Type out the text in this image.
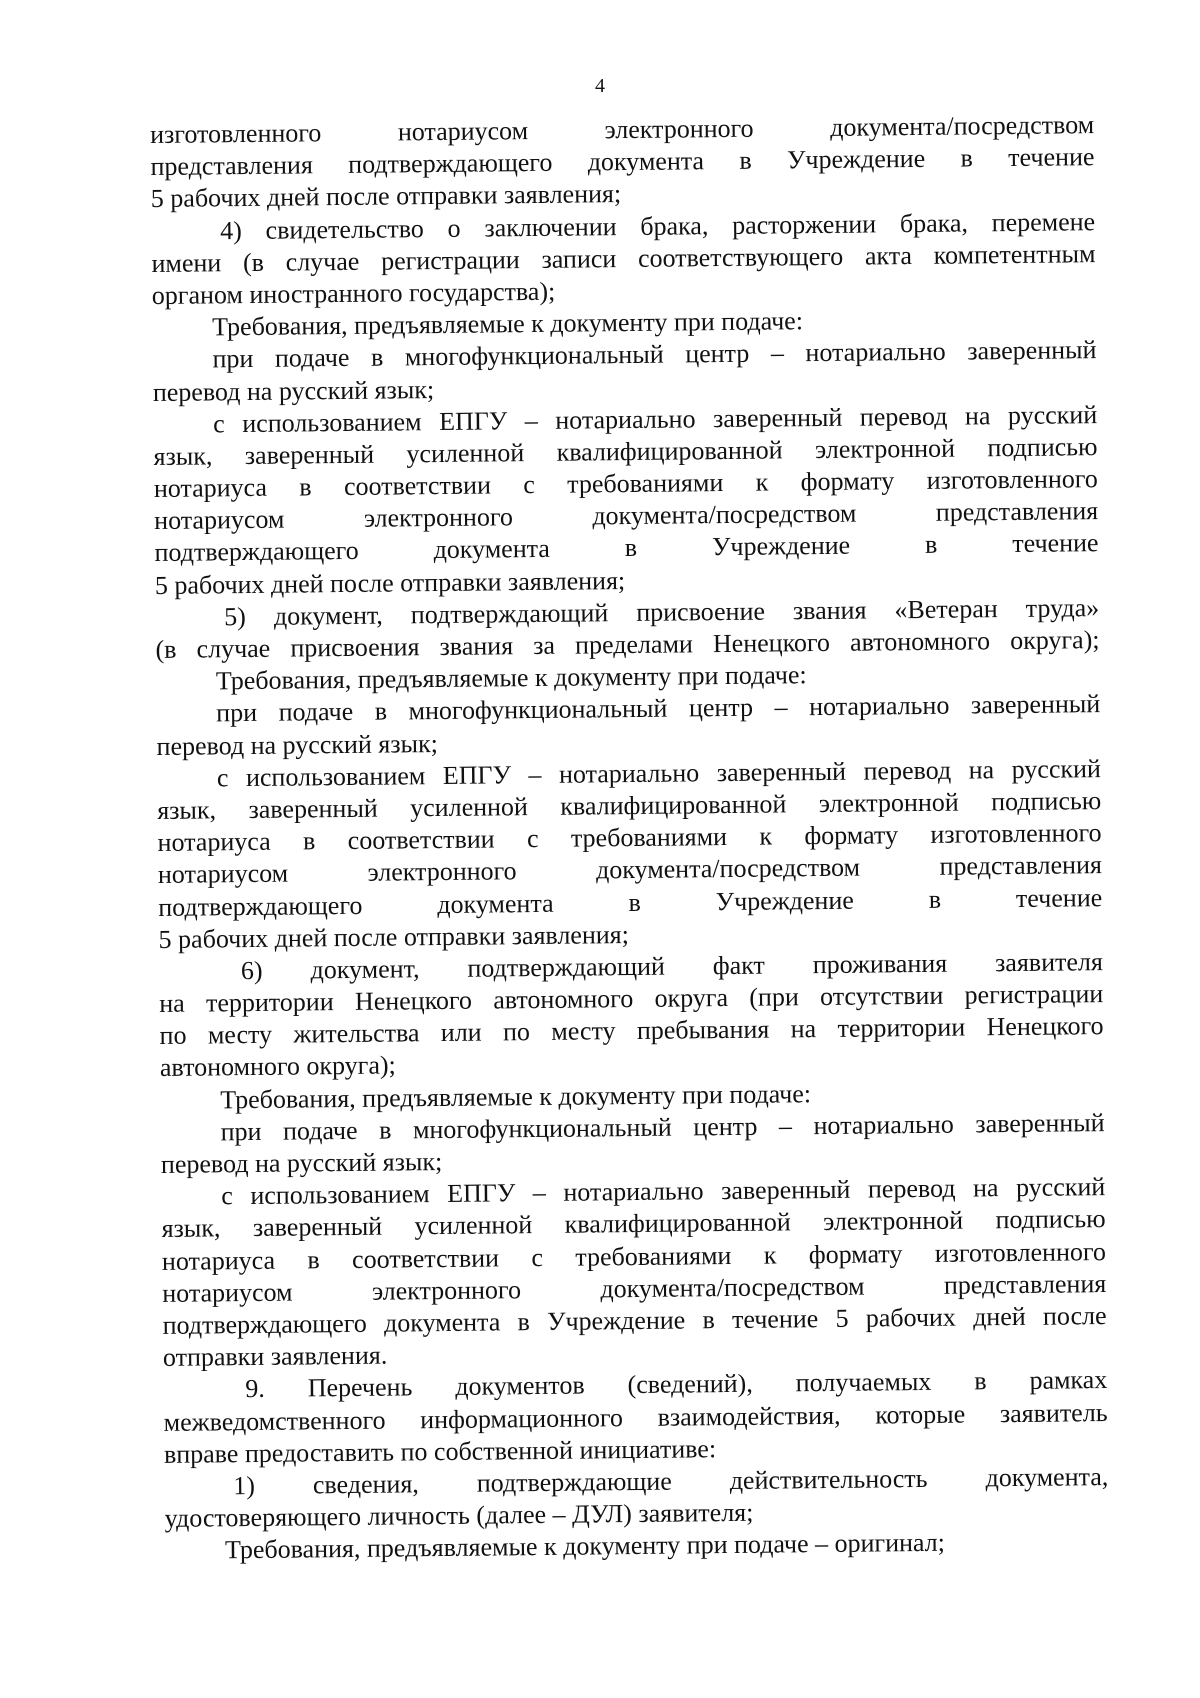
4
изготовленного нотариусом электронного документа/посредством
представления подтверждающего документа в Учреждение в течение
5 рабочих дней после отправки заявления;
4) свидетельство о заключении брака, расторжении брака, перемене
имени (в случае регистрации записи соответствующего акта компетентным
органом иностранного государства);
Требования, предъявляемые к документу при подаче:
при подаче в многофункциональный центр – нотариально заверенный
перевод на русский язык;
с использованием ЕПГУ – нотариально заверенный перевод на русский
язык, заверенный усиленной квалифицированной электронной подписью
нотариуса в соответствии с требованиями к формату изготовленного
нотариусом электронного документа/посредством представления
подтверждающего документа в Учреждение в течение
5 рабочих дней после отправки заявления;
5) документ, подтверждающий присвоение звания «Ветеран труда»
(в случае присвоения звания за пределами Ненецкого автономного округа);
Требования, предъявляемые к документу при подаче:
при подаче в многофункциональный центр – нотариально заверенный
перевод на русский язык;
с использованием ЕПГУ – нотариально заверенный перевод на русский
язык, заверенный усиленной квалифицированной электронной подписью
нотариуса в соответствии с требованиями к формату изготовленного
нотариусом электронного документа/посредством представления
подтверждающего документа в Учреждение в течение
5 рабочих дней после отправки заявления;
6) документ, подтверждающий факт проживания заявителя
на территории Ненецкого автономного округа (при отсутствии регистрации
по месту жительства или по месту пребывания на территории Ненецкого
автономного округа);
Требования, предъявляемые к документу при подаче:
при подаче в многофункциональный центр – нотариально заверенный
перевод на русский язык;
с использованием ЕПГУ – нотариально заверенный перевод на русский
язык, заверенный усиленной квалифицированной электронной подписью
нотариуса в соответствии с требованиями к формату изготовленного
нотариусом электронного документа/посредством представления
подтверждающего документа в Учреждение в течение 5 рабочих дней после
отправки заявления.
9. Перечень документов (сведений), получаемых в рамках
межведомственного информационного взаимодействия, которые заявитель
вправе предоставить по собственной инициативе:
1) сведения, подтверждающие действительность документа,
удостоверяющего личность (далее – ДУЛ) заявителя;
Требования, предъявляемые к документу при подаче – оригинал;
